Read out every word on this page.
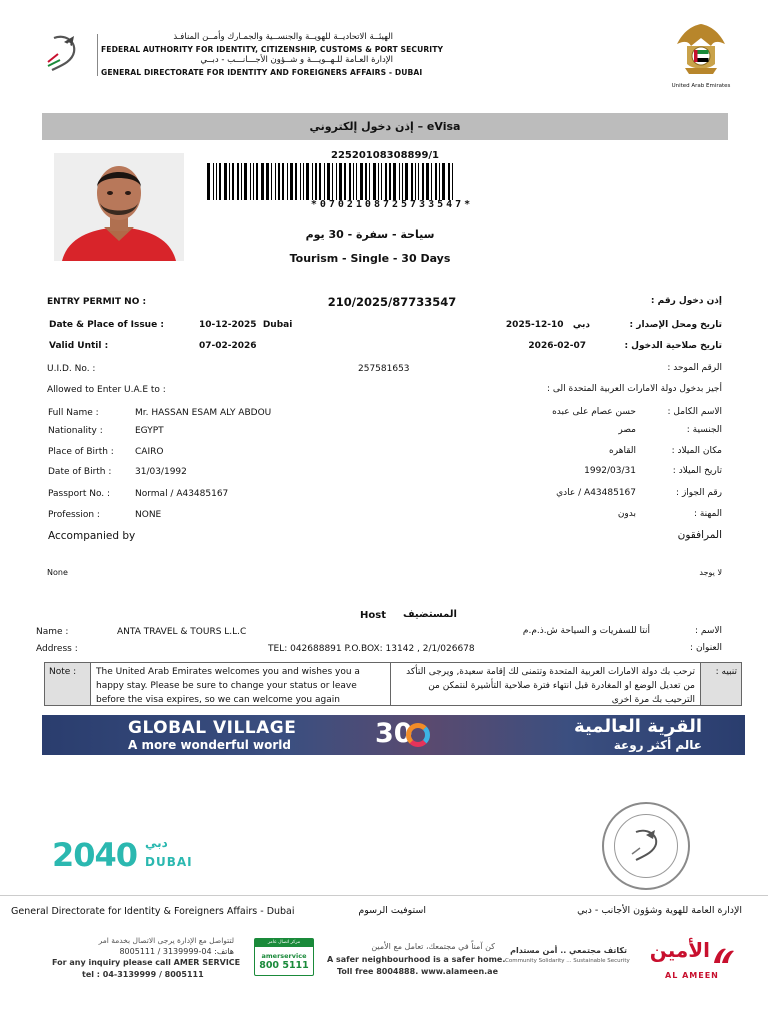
الهيئــة الاتحاديــة للهويــة والجنســية والجمـارك وأمــن المنافـذ
FEDERAL AUTHORITY FOR IDENTITY, CITIZENSHIP, CUSTOMS & PORT SECURITY
الإدارة العـامة للـهــويـــة و شــؤون الأجـــانـــب - دبــي
GENERAL DIRECTORATE FOR IDENTITY AND FOREIGNERS AFFAIRS - DUBAI
United Arab Emirates
إذن دخول إلكتروني – eVisa
22520108308899/1
*0702108725733547*
سياحة - سفرة - 30 يوم
Tourism - Single - 30 Days
ENTRY PERMIT NO :	210/2025/87733547	إذن دخول رقم :
Date & Place of Issue :	10-12-2025  Dubai	2025-12-10   دبي	تاريخ ومحل الإصدار :
Valid Until :	07-02-2026	2026-02-07	تاريخ صلاحية الدخول :
U.I.D. No. :	257581653	الرقم الموحد :
Allowed to Enter U.A.E to :	أجيز بدخول دولة الامارات العربية المتحدة الى :
Full Name :	Mr. HASSAN ESAM ALY ABDOU	حسن عصام على عبده	الاسم الكامل :
Nationality :	EGYPT	مصر	الجنسية :
Place of Birth : CAIRO	القاهره	مكان الميلاد :
Date of Birth :	31/03/1992	1992/03/31	تاريخ الميلاد :
Passport No. :	Normal / A43485167	A43485167 / عادي	رقم الجواز :
Profession :	NONE	بدون	المهنة :
Accompanied by	المرافقون
None	لا يوجد
Host	المستضيف
Name :	ANTA TRAVEL & TOURS L.L.C	أنتا للسفريات و السياحة ش.ذ.م.م	الاسم :
Address :	TEL: 042688891 P.O.BOX: 13142 , 2/1/026678	العنوان :
Note :	The United Arab Emirates welcomes you and wishes you a happy stay. Please be sure to change your status or leave before the visa expires, so we can welcome you again
ترحب بك دولة الامارات العربية المتحدة وتتمنى لك إقامة سعيدة, ويرجى التأكد من تعديل الوضع او المغادرة قبل انتهاء فترة صلاحية التأشيرة لنتمكن من الترحيب بك مرة اخرى
تنبيه :
GLOBAL VILLAGE
A more wonderful world	30	القرية العالمية
عالم أكثر روعة
2040 دبي
DUBAI
General Directorate for Identity & Foreigners Affairs - Dubai	استوفيت الرسوم	الإدارة العامة للهوية وشؤون الأجانب - دبي
لتتواصل مع الإدارة يرجى الاتصال بخدمة امر
هاتف: 04-3139999 / 8005111
For any inquiry please call AMER SERVICE
tel : 04-3139999 / 8005111
مركز اتصال عامر
amerservice
800 5111
كن آمناً في مجتمعك، تعامل مع الأمين
A safer neighbourhood is a safer home.
Toll free 8004888. www.alameen.ae
تكاتف مجتمعي .. أمن مستدام
Community Solidarity ... Sustainable Security الأمين
AL AMEEN
